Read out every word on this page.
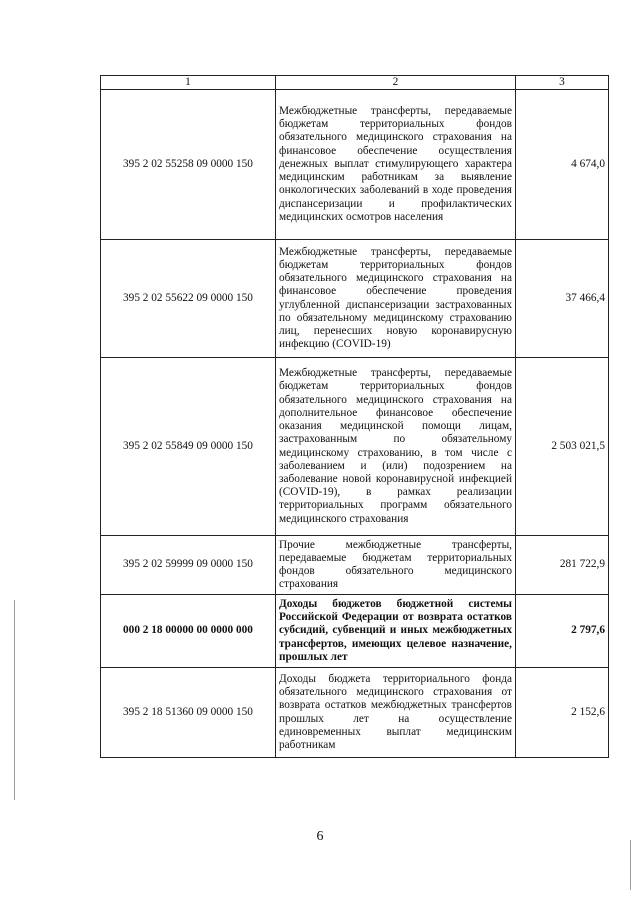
1	2	3
395 2 02 55258 09 0000 150	Межбюджетные трансферты, передаваемые бюджетам территориальных фондов обязательного медицинского страхования на финансовое обеспечение осуществления денежных выплат стимулирующего характера медицинским работникам за выявление онкологических заболеваний в ходе проведения диспансеризации и профилактических медицинских осмотров населения	4 674,0
395 2 02 55622 09 0000 150	Межбюджетные трансферты, передаваемые бюджетам территориальных фондов обязательного медицинского страхования на финансовое обеспечение проведения углубленной диспансеризации застрахованных по обязательному медицинскому страхованию лиц, перенесших новую коронавирусную инфекцию (COVID-19)	37 466,4
395 2 02 55849 09 0000 150	Межбюджетные трансферты, передаваемые бюджетам территориальных фондов обязательного медицинского страхования на дополнительное финансовое обеспечение оказания медицинской помощи лицам, застрахованным по обязательному медицинскому страхованию, в том числе с заболеванием и (или) подозрением на заболевание новой коронавирусной инфекцией (COVID-19), в рамках реализации территориальных программ обязательного медицинского страхования	2 503 021,5
395 2 02 59999 09 0000 150	Прочие межбюджетные трансферты, передаваемые бюджетам территориальных фондов обязательного медицинского страхования	281 722,9
000 2 18 00000 00 0000 000	Доходы бюджетов бюджетной системы Российской Федерации от возврата остатков субсидий, субвенций и иных межбюджетных трансфертов, имеющих целевое назначение, прошлых лет	2 797,6
395 2 18 51360 09 0000 150	Доходы бюджета территориального фонда обязательного медицинского страхования от возврата остатков межбюджетных трансфертов прошлых лет на осуществление единовременных выплат медицинским работникам	2 152,6
6
